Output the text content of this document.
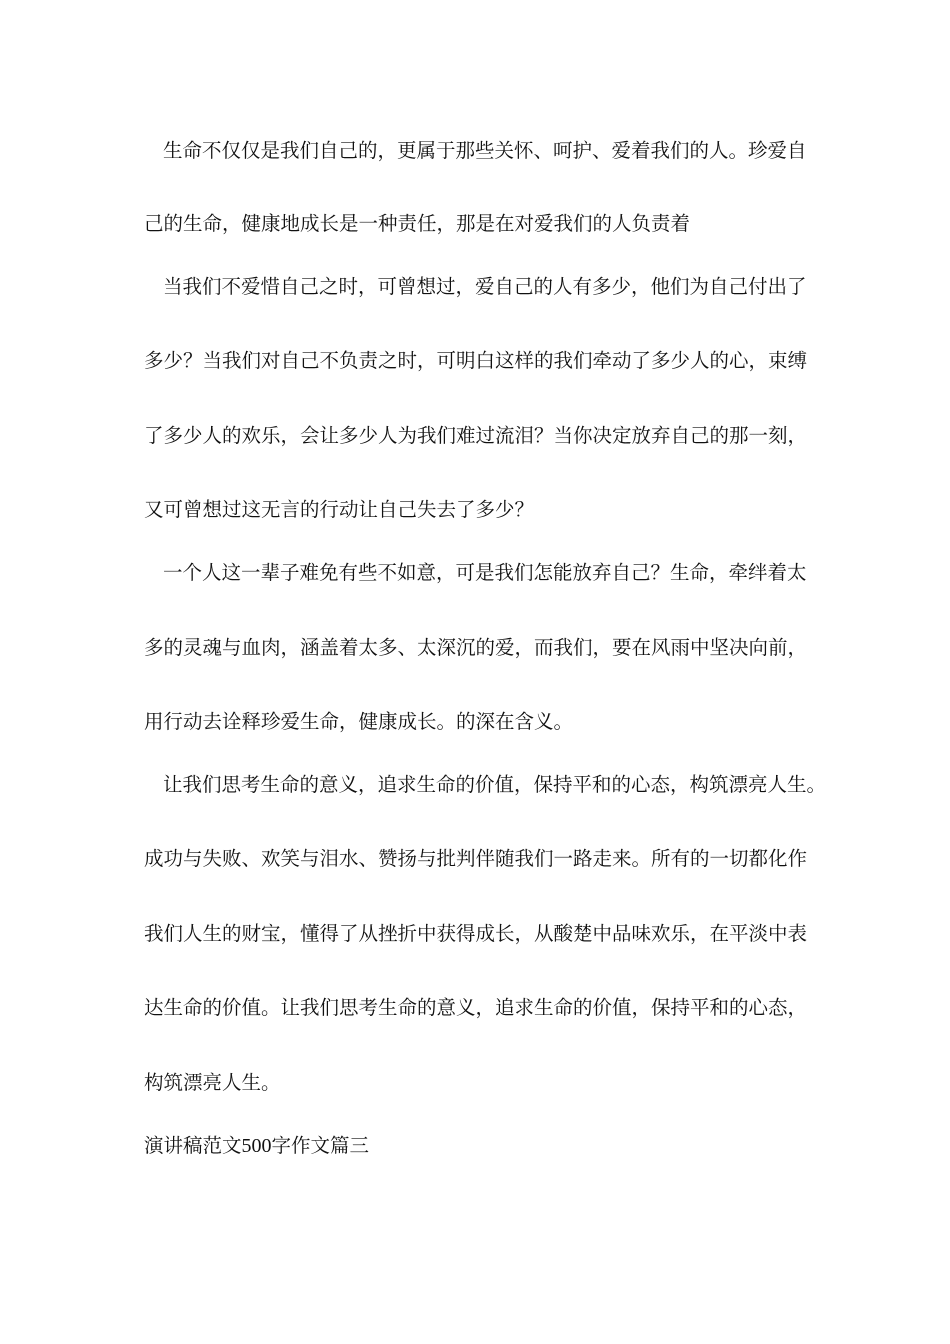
生命不仅仅是我们自己的，更属于那些关怀、呵护、爱着我们的人。珍爱自
己的生命，健康地成长是一种责任，那是在对爱我们的人负责着
当我们不爱惜自己之时，可曾想过，爱自己的人有多少，他们为自己付出了
多少？当我们对自己不负责之时，可明白这样的我们牵动了多少人的心，束缚
了多少人的欢乐，会让多少人为我们难过流泪？当你决定放弃自己的那一刻，
又可曾想过这无言的行动让自己失去了多少？
一个人这一辈子难免有些不如意，可是我们怎能放弃自己？生命，牵绊着太
多的灵魂与血肉，涵盖着太多、太深沉的爱，而我们，要在风雨中坚决向前，
用行动去诠释珍爱生命，健康成长。的深在含义。
让我们思考生命的意义，追求生命的价值，保持平和的心态，构筑漂亮人生。
成功与失败、欢笑与泪水、赞扬与批判伴随我们一路走来。所有的一切都化作
我们人生的财宝，懂得了从挫折中获得成长，从酸楚中品味欢乐，在平淡中表
达生命的价值。让我们思考生命的意义，追求生命的价值，保持平和的心态，
构筑漂亮人生。
演讲稿范文500字作文篇三
